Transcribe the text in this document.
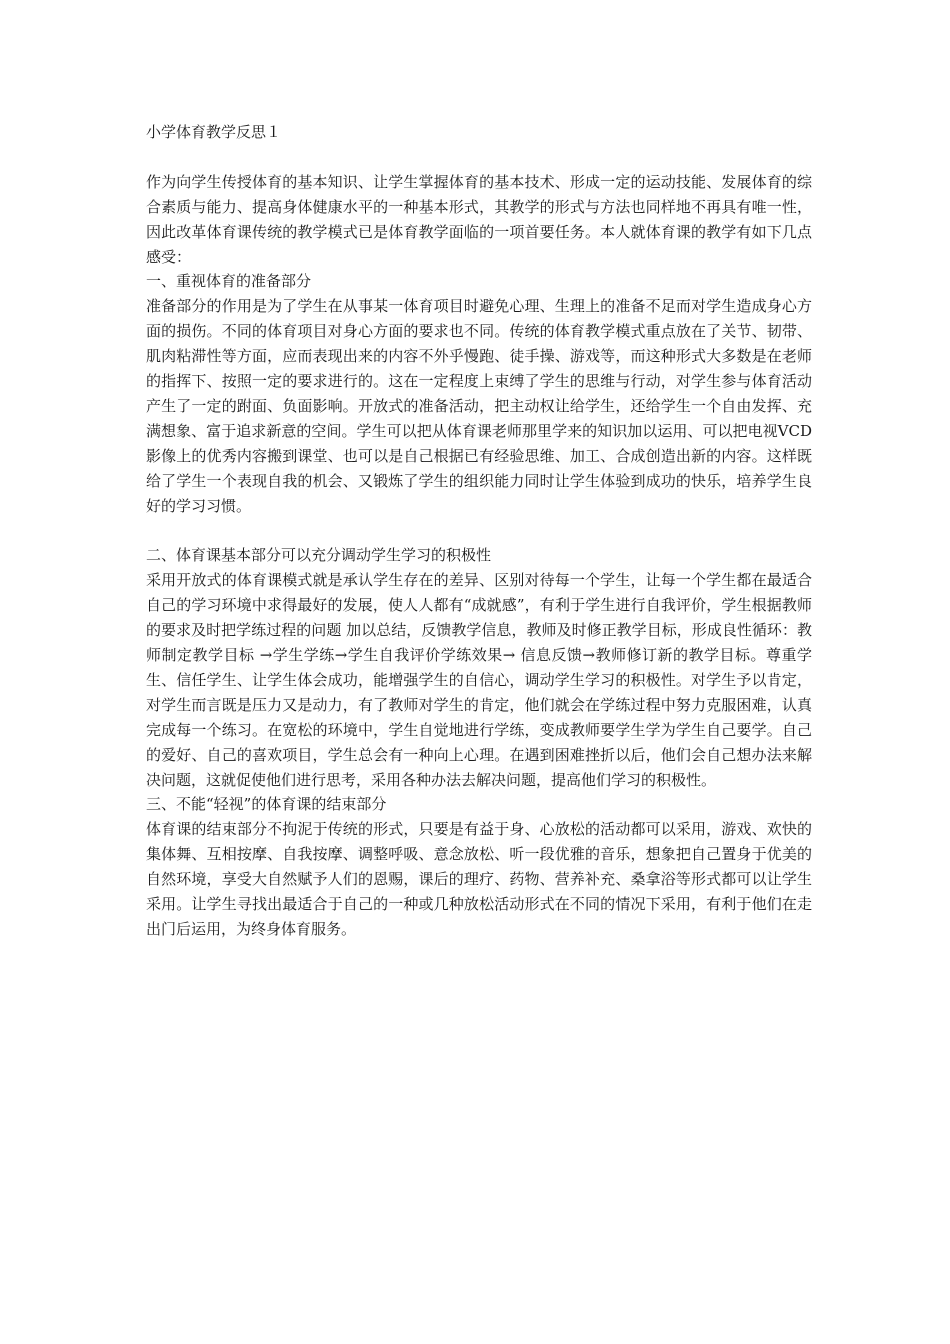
小学体育教学反思１

作为向学生传授体育的基本知识、让学生掌握体育的基本技术、形成一定的运动技能、发展体育的综合素质与能力、提高身体健康水平的一种基本形式，其教学的形式与方法也同样地不再具有唯一性，因此改革体育课传统的教学模式已是体育教学面临的一项首要任务。本人就体育课的教学有如下几点感受：

一、重视体育的准备部分

准备部分的作用是为了学生在从事某一体育项目时避免心理、生理上的准备不足而对学生造成身心方面的损伤。不同的体育项目对身心方面的要求也不同。传统的体育教学模式重点放在了关节、韧带、肌肉粘滞性等方面，应而表现出来的内容不外乎慢跑、徒手操、游戏等，而这种形式大多数是在老师的指挥下、按照一定的要求进行的。这在一定程度上束缚了学生的思维与行动，对学生参与体育活动产生了一定的跗面、负面影响。开放式的准备活动，把主动权让给学生，还给学生一个自由发挥、充满想象、富于追求新意的空间。学生可以把从体育课老师那里学来的知识加以运用、可以把电视VCD影像上的优秀内容搬到课堂、也可以是自己根据已有经验思维、加工、合成创造出新的内容。这样既给了学生一个表现自我的机会、又锻炼了学生的组织能力同时让学生体验到成功的快乐，培养学生良好的学习习惯。

二、体育课基本部分可以充分调动学生学习的积极性

采用开放式的体育课模式就是承认学生存在的差异、区别对待每一个学生，让每一个学生都在最适合自己的学习环境中求得最好的发展，使人人都有“成就感”，有利于学生进行自我评价，学生根据教师的要求及时把学练过程的问题 加以总结，反馈教学信息，教师及时修正教学目标，形成良性循环：教师制定教学目标 →学生学练→学生自我评价学练效果→ 信息反馈→教师修订新的教学目标。尊重学生、信任学生、让学生体会成功，能增强学生的自信心，调动学生学习的积极性。对学生予以肯定，对学生而言既是压力又是动力，有了教师对学生的肯定，他们就会在学练过程中努力克服困难，认真完成每一个练习。在宽松的环境中，学生自觉地进行学练，变成教师要学生学为学生自己要学。自己的爱好、自己的喜欢项目，学生总会有一种向上心理。在遇到困难挫折以后，他们会自己想办法来解决问题，这就促使他们进行思考，采用各种办法去解决问题，提高他们学习的积极性。

三、不能“轻视”的体育课的结束部分

体育课的结束部分不拘泥于传统的形式，只要是有益于身、心放松的活动都可以采用，游戏、欢快的集体舞、互相按摩、自我按摩、调整呼吸、意念放松、听一段优雅的音乐，想象把自己置身于优美的自然环境，享受大自然赋予人们的恩赐，课后的理疗、药物、营养补充、桑拿浴等形式都可以让学生采用。让学生寻找出最适合于自己的一种或几种放松活动形式在不同的情况下采用，有利于他们在走出门后运用，为终身体育服务。
